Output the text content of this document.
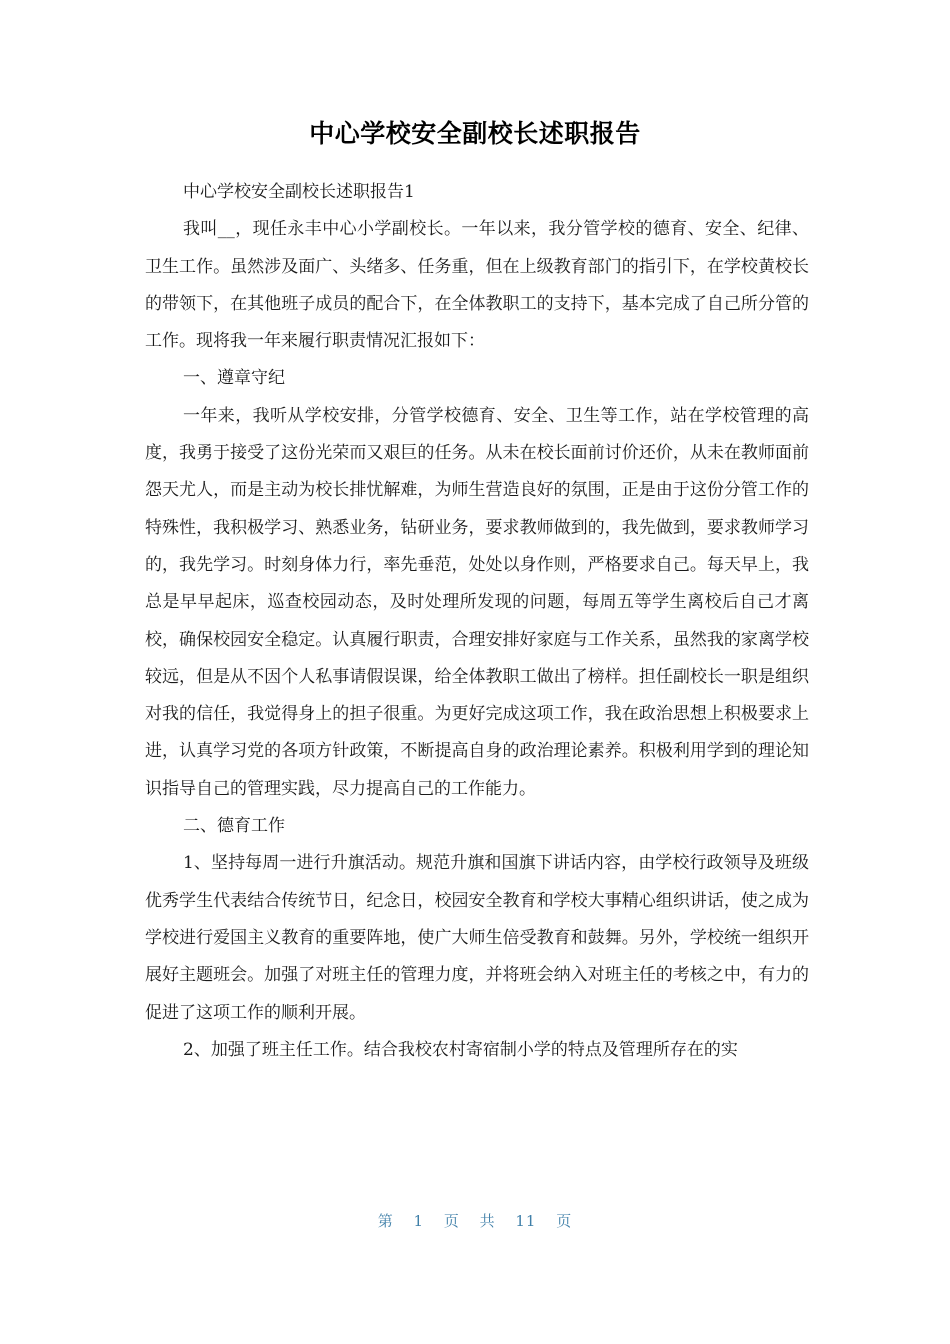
中心学校安全副校长述职报告

中心学校安全副校长述职报告1

我叫__，现任永丰中心小学副校长。一年以来，我分管学校的德育、安全、纪律、卫生工作。虽然涉及面广、头绪多、任务重，但在上级教育部门的指引下，在学校黄校长的带领下，在其他班子成员的配合下，在全体教职工的支持下，基本完成了自己所分管的工作。现将我一年来履行职责情况汇报如下：

一、遵章守纪

一年来，我听从学校安排，分管学校德育、安全、卫生等工作，站在学校管理的高度，我勇于接受了这份光荣而又艰巨的任务。从未在校长面前讨价还价，从未在教师面前怨天尤人，而是主动为校长排忧解难，为师生营造良好的氛围，正是由于这份分管工作的特殊性，我积极学习、熟悉业务，钻研业务，要求教师做到的，我先做到，要求教师学习的，我先学习。时刻身体力行，率先垂范，处处以身作则，严格要求自己。每天早上，我总是早早起床，巡查校园动态，及时处理所发现的问题，每周五等学生离校后自己才离校，确保校园安全稳定。认真履行职责，合理安排好家庭与工作关系，虽然我的家离学校较远，但是从不因个人私事请假误课，给全体教职工做出了榜样。担任副校长一职是组织对我的信任，我觉得身上的担子很重。为更好完成这项工作，我在政治思想上积极要求上进，认真学习党的各项方针政策，不断提高自身的政治理论素养。积极利用学到的理论知识指导自己的管理实践，尽力提高自己的工作能力。

二、德育工作

1、坚持每周一进行升旗活动。规范升旗和国旗下讲话内容，由学校行政领导及班级优秀学生代表结合传统节日，纪念日，校园安全教育和学校大事精心组织讲话，使之成为学校进行爱国主义教育的重要阵地，使广大师生倍受教育和鼓舞。另外，学校统一组织开展好主题班会。加强了对班主任的管理力度，并将班会纳入对班主任的考核之中，有力的促进了这项工作的顺利开展。

2、加强了班主任工作。结合我校农村寄宿制小学的特点及管理所存在的实

第 1 页 共 11 页
